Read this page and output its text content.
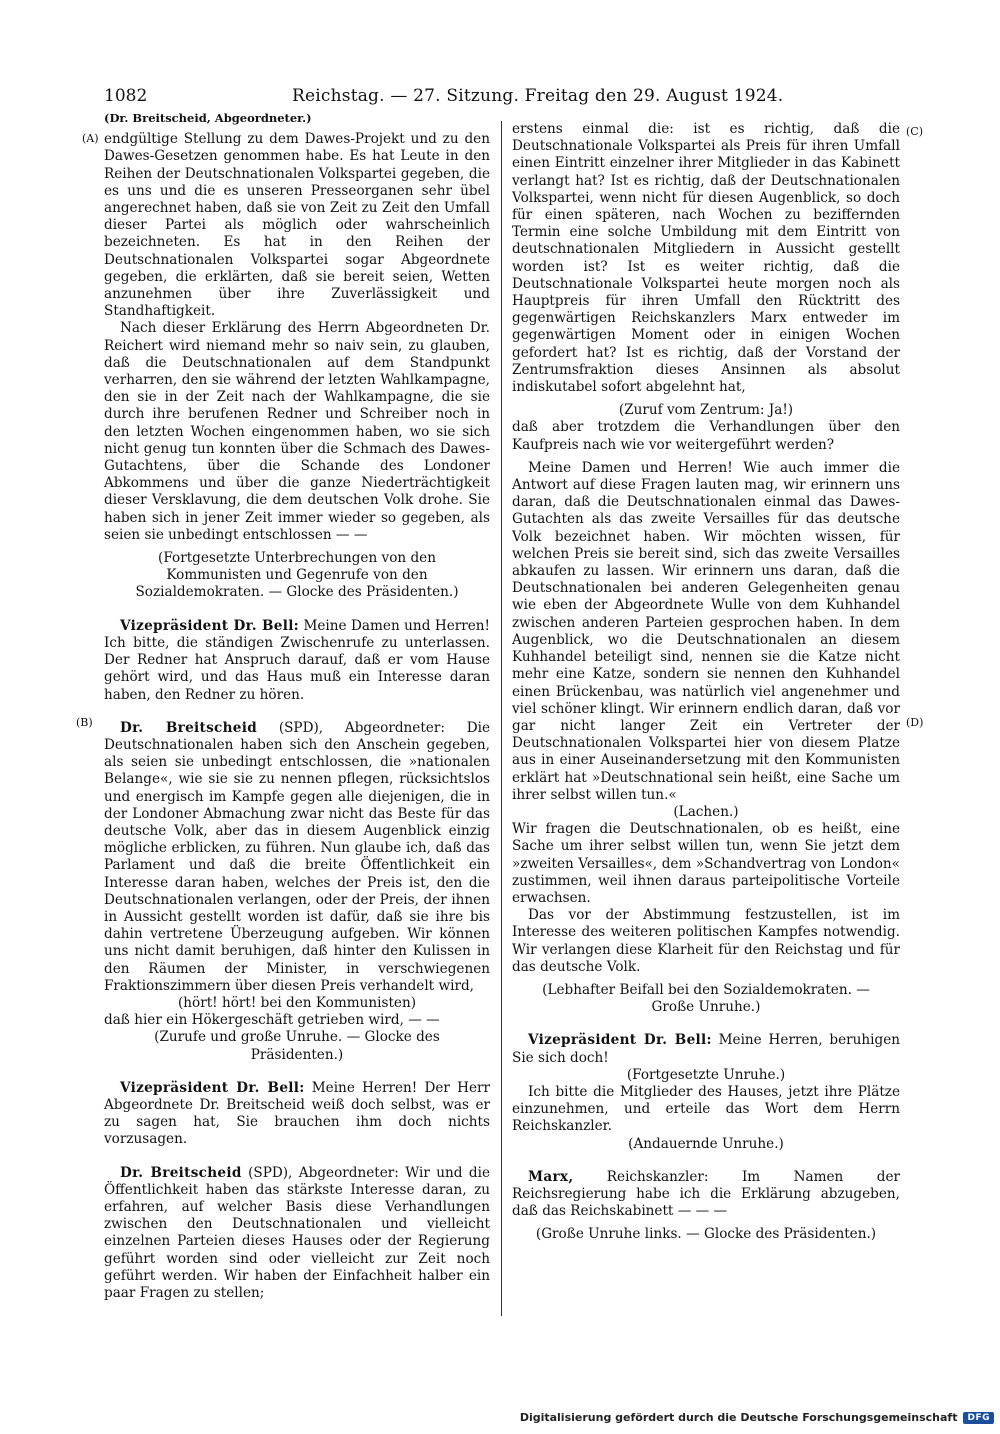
1082	Reichstag. — 27. Sitzung. Freitag den 29. August 1924.
(A)
(B)
(C)
(D)

(Dr. Breitscheid, Abgeordneter.)

endgültige Stellung zu dem Dawes-Projekt und zu den Dawes-Gesetzen genommen habe. Es hat Leute in den Reihen der Deutschnationalen Volkspartei gegeben, die es uns und die es unseren Presseorganen sehr übel angerechnet haben, daß sie von Zeit zu Zeit den Umfall dieser Partei als möglich oder wahrscheinlich bezeichneten. Es hat in den Reihen der Deutschnationalen Volkspartei sogar Abgeordnete gegeben, die erklärten, daß sie bereit seien, Wetten anzunehmen über ihre Zuverlässigkeit und Standhaftigkeit.

Nach dieser Erklärung des Herrn Abgeordneten Dr. Reichert wird niemand mehr so naiv sein, zu glauben, daß die Deutschnationalen auf dem Standpunkt verharren, den sie während der letzten Wahlkampagne, den sie in der Zeit nach der Wahlkampagne, die sie durch ihre berufenen Redner und Schreiber noch in den letzten Wochen eingenommen haben, wo sie sich nicht genug tun konnten über die Schmach des Dawes-Gutachtens, über die Schande des Londoner Abkommens und über die ganze Niederträchtigkeit dieser Versklavung, die dem deutschen Volk drohe. Sie haben sich in jener Zeit immer wieder so gegeben, als seien sie unbedingt entschlossen — —

(Fortgesetzte Unterbrechungen von den Kommunisten und Gegenrufe von den Sozialdemokraten. — Glocke des Präsidenten.)

Vizepräsident Dr. Bell: Meine Damen und Herren! Ich bitte, die ständigen Zwischenrufe zu unterlassen. Der Redner hat Anspruch darauf, daß er vom Hause gehört wird, und das Haus muß ein Interesse daran haben, den Redner zu hören.

Dr. Breitscheid (SPD), Abgeordneter: Die Deutschnationalen haben sich den Anschein gegeben, als seien sie unbedingt entschlossen, die »nationalen Belange«, wie sie sie zu nennen pflegen, rücksichtslos und energisch im Kampfe gegen alle diejenigen, die in der Londoner Abmachung zwar nicht das Beste für das deutsche Volk, aber das in diesem Augenblick einzig mögliche erblicken, zu führen. Nun glaube ich, daß das Parlament und daß die breite Öffentlichkeit ein Interesse daran haben, welches der Preis ist, den die Deutschnationalen verlangen, oder der Preis, der ihnen in Aussicht gestellt worden ist dafür, daß sie ihre bis dahin vertretene Überzeugung aufgeben. Wir können uns nicht damit beruhigen, daß hinter den Kulissen in den Räumen der Minister, in verschwiegenen Fraktionszimmern über diesen Preis verhandelt wird,

(hört! hört! bei den Kommunisten)

daß hier ein Hökergeschäft getrieben wird, — —

(Zurufe und große Unruhe. — Glocke des Präsidenten.)

Vizepräsident Dr. Bell: Meine Herren! Der Herr Abgeordnete Dr. Breitscheid weiß doch selbst, was er zu sagen hat, Sie brauchen ihm doch nichts vorzusagen.

Dr. Breitscheid (SPD), Abgeordneter: Wir und die Öffentlichkeit haben das stärkste Interesse daran, zu erfahren, auf welcher Basis diese Verhandlungen zwischen den Deutschnationalen und vielleicht einzelnen Parteien dieses Hauses oder der Regierung geführt worden sind oder vielleicht zur Zeit noch geführt werden. Wir haben der Einfachheit halber ein paar Fragen zu stellen;

erstens einmal die: ist es richtig, daß die Deutschnationale Volkspartei als Preis für ihren Umfall einen Eintritt einzelner ihrer Mitglieder in das Kabinett verlangt hat? Ist es richtig, daß der Deutschnationalen Volkspartei, wenn nicht für diesen Augenblick, so doch für einen späteren, nach Wochen zu beziffernden Termin eine solche Umbildung mit dem Eintritt von deutschnationalen Mitgliedern in Aussicht gestellt worden ist? Ist es weiter richtig, daß die Deutschnationale Volkspartei heute morgen noch als Hauptpreis für ihren Umfall den Rücktritt des gegenwärtigen Reichskanzlers Marx entweder im gegenwärtigen Moment oder in einigen Wochen gefordert hat? Ist es richtig, daß der Vorstand der Zentrumsfraktion dieses Ansinnen als absolut indiskutabel sofort abgelehnt hat,

(Zuruf vom Zentrum: Ja!)

daß aber trotzdem die Verhandlungen über den Kaufpreis nach wie vor weitergeführt werden?

Meine Damen und Herren! Wie auch immer die Antwort auf diese Fragen lauten mag, wir erinnern uns daran, daß die Deutschnationalen einmal das Dawes-Gutachten als das zweite Versailles für das deutsche Volk bezeichnet haben. Wir möchten wissen, für welchen Preis sie bereit sind, sich das zweite Versailles abkaufen zu lassen. Wir erinnern uns daran, daß die Deutschnationalen bei anderen Gelegenheiten genau wie eben der Abgeordnete Wulle von dem Kuhhandel zwischen anderen Parteien gesprochen haben. In dem Augenblick, wo die Deutschnationalen an diesem Kuhhandel beteiligt sind, nennen sie die Katze nicht mehr eine Katze, sondern sie nennen den Kuhhandel einen Brückenbau, was natürlich viel angenehmer und viel schöner klingt. Wir erinnern endlich daran, daß vor gar nicht langer Zeit ein Vertreter der Deutschnationalen Volkspartei hier von diesem Platze aus in einer Auseinandersetzung mit den Kommunisten erklärt hat »Deutschnational sein heißt, eine Sache um ihrer selbst willen tun.«

(Lachen.)

Wir fragen die Deutschnationalen, ob es heißt, eine Sache um ihrer selbst willen tun, wenn Sie jetzt dem »zweiten Versailles«, dem »Schandvertrag von London« zustimmen, weil ihnen daraus parteipolitische Vorteile erwachsen.

Das vor der Abstimmung festzustellen, ist im Interesse des weiteren politischen Kampfes notwendig. Wir verlangen diese Klarheit für den Reichstag und für das deutsche Volk.

(Lebhafter Beifall bei den Sozialdemokraten. — Große Unruhe.)

Vizepräsident Dr. Bell: Meine Herren, beruhigen Sie sich doch!

(Fortgesetzte Unruhe.)

Ich bitte die Mitglieder des Hauses, jetzt ihre Plätze einzunehmen, und erteile das Wort dem Herrn Reichskanzler.

(Andauernde Unruhe.)

Marx, Reichskanzler: Im Namen der Reichsregierung habe ich die Erklärung abzugeben, daß das Reichskabinett — — —

(Große Unruhe links. — Glocke des Präsidenten.)

Digitalisierung gefördert durch die Deutsche Forschungsgemeinschaft	DFG
